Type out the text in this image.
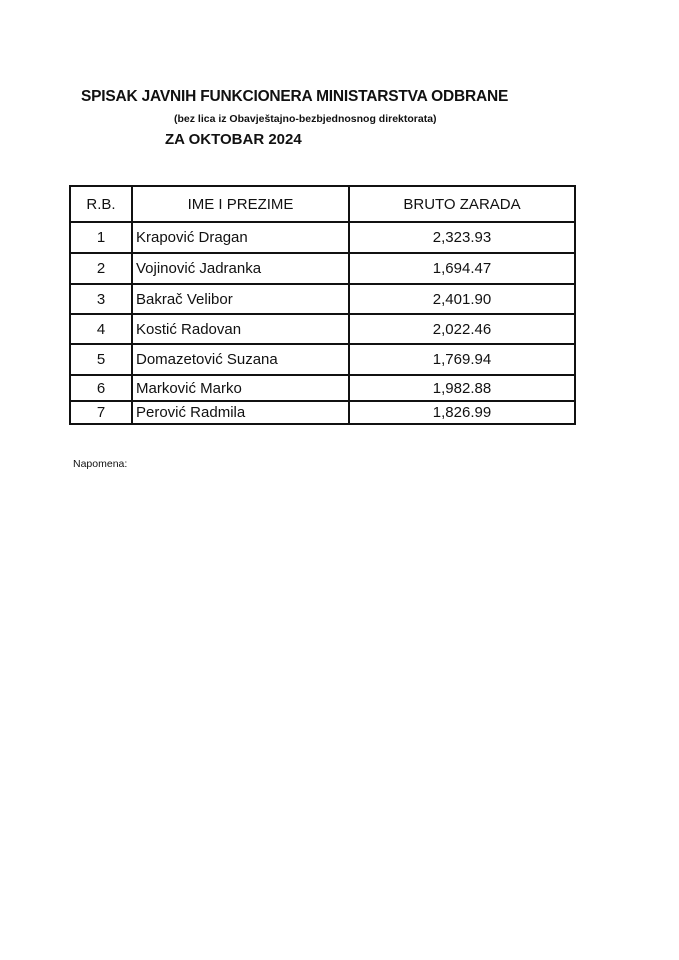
SPISAK JAVNIH FUNKCIONERA MINISTARSTVA ODBRANE
(bez lica iz Obavještajno-bezbjednosnog direktorata)
ZA OKTOBAR 2024
R.B.	IME I PREZIME	BRUTO ZARADA
1	Krapović Dragan	2,323.93
2	Vojinović Jadranka	1,694.47
3	Bakrač Velibor	2,401.90
4	Kostić Radovan	2,022.46
5	Domazetović Suzana	1,769.94
6	Marković Marko	1,982.88
7	Perović Radmila	1,826.99
Napomena:
